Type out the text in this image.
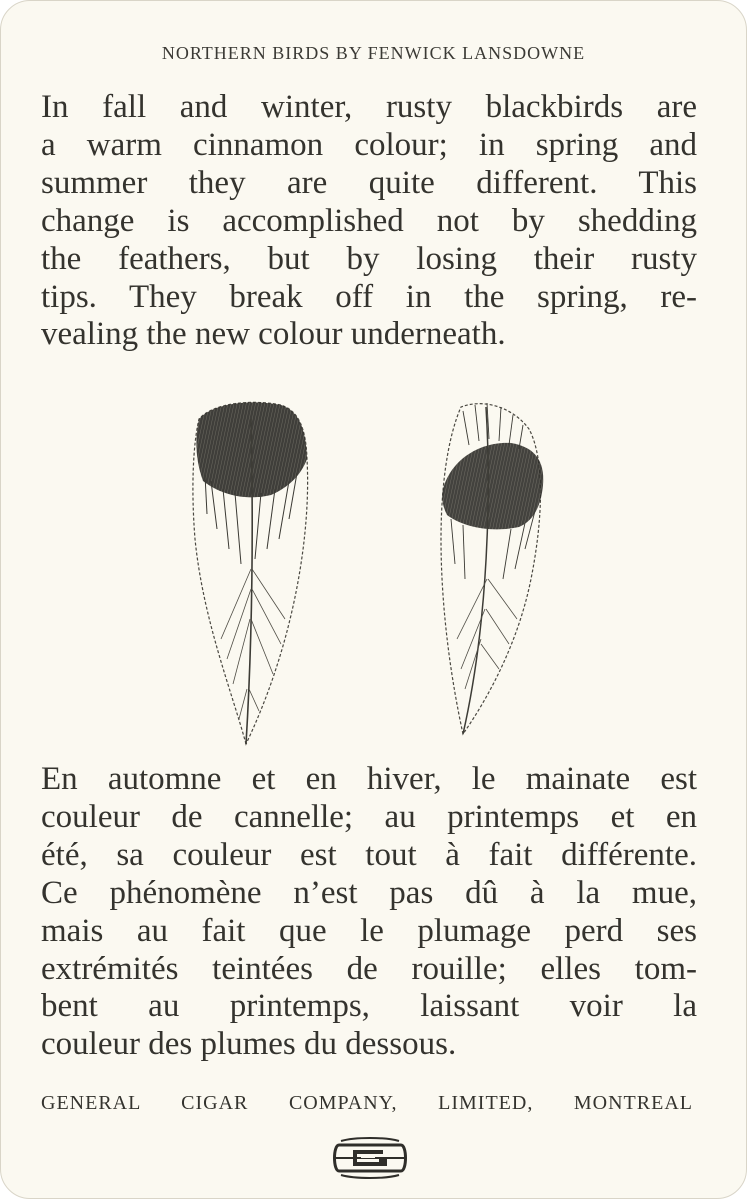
NORTHERN BIRDS BY FENWICK LANSDOWNE
In fall and winter, rusty blackbirds are
a warm cinnamon colour; in spring and
summer they are quite different. This
change is accomplished not by shedding
the feathers, but by losing their rusty
tips. They break off in the spring, re-
vealing the new colour underneath.
En automne et en hiver, le mainate est
couleur de cannelle; au printemps et en
été, sa couleur est tout à fait différente.
Ce phénomène n’est pas dû à la mue,
mais au fait que le plumage perd ses
extrémités teintées de rouille; elles tom-
bent au printemps, laissant voir la
couleur des plumes du dessous.
GENERAL CIGAR COMPANY, LIMITED, MONTREAL
